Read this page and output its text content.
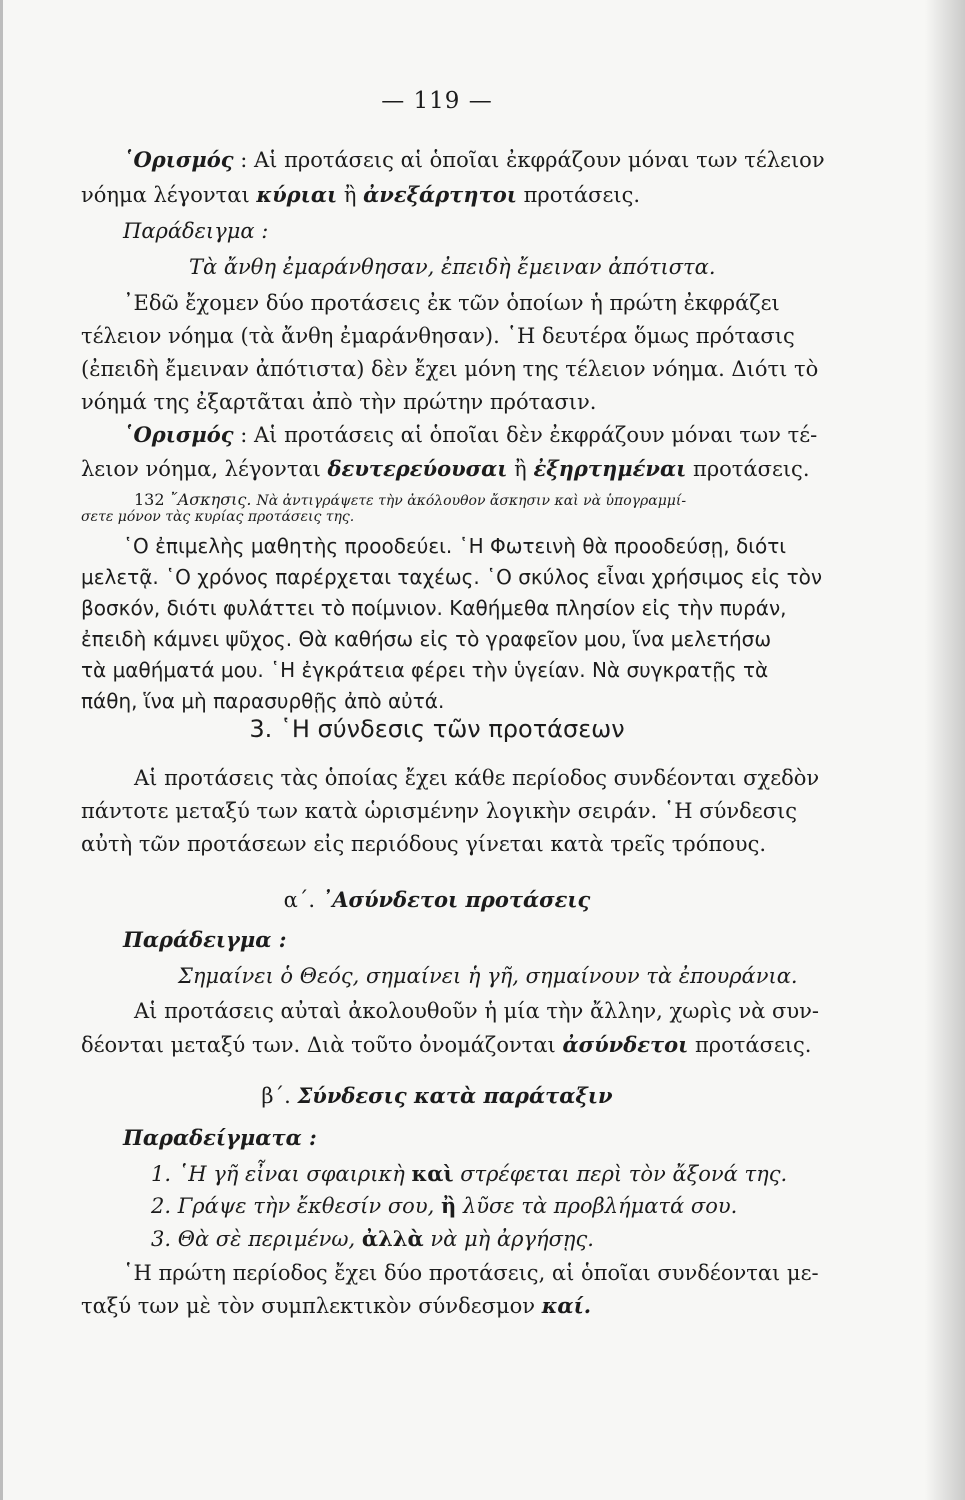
— 119 —
῾Ορισμός : Αἱ προτάσεις αἱ ὁποῖαι ἐκφράζουν μόναι των τέλειον
νόημα λέγονται κύριαι ἢ ἀνεξάρτητοι προτάσεις.
Παράδειγμα :
Τὰ ἄνθη ἐμαράνθησαν, ἐπειδὴ ἔμειναν ἀπότιστα.
᾿Εδῶ ἔχομεν δύο προτάσεις ἐκ τῶν ὁποίων ἡ πρώτη ἐκφράζει
τέλειον νόημα (τὰ ἄνθη ἐμαράνθησαν). ῾Η δευτέρα ὅμως πρότασις
(ἐπειδὴ ἔμειναν ἀπότιστα) δὲν ἔχει μόνη της τέλειον νόημα. Διότι τὸ
νόημά της ἐξαρτᾶται ἀπὸ τὴν πρώτην πρότασιν.
῾Ορισμός : Αἱ προτάσεις αἱ ὁποῖαι δὲν ἐκφράζουν μόναι των τέ-
λειον νόημα, λέγονται δευτερεύουσαι ἢ ἐξηρτημέναι προτάσεις.
132 ῎Ασκησις. Νὰ ἀντιγράψετε τὴν ἀκόλουθον ἄσκησιν καὶ νὰ ὑπογραμμί-
σετε μόνον τὰς κυρίας προτάσεις της.
῾Ο ἐπιμελὴς μαθητὴς προοδεύει. ῾Η Φωτεινὴ θὰ προοδεύσῃ, διότι
μελετᾷ. ῾Ο χρόνος παρέρχεται ταχέως. ῾Ο σκύλος εἶναι χρήσιμος εἰς τὸν
βοσκόν, διότι φυλάττει τὸ ποίμνιον. Καθήμεθα πλησίον εἰς τὴν πυράν,
ἐπειδὴ κάμνει ψῦχος. Θὰ καθήσω εἰς τὸ γραφεῖον μου, ἵνα μελετήσω
τὰ μαθήματά μου. ῾Η ἐγκράτεια φέρει τὴν ὑγείαν. Νὰ συγκρατῇς τὰ
πάθη, ἵνα μὴ παρασυρθῇς ἀπὸ αὐτά.
3. ῾Η σύνδεσις τῶν προτάσεων
Αἱ προτάσεις τὰς ὁποίας ἔχει κάθε περίοδος συνδέονται σχεδὸν
πάντοτε μεταξύ των κατὰ ὡρισμένην λογικὴν σειράν. ῾Η σύνδεσις
αὐτὴ τῶν προτάσεων εἰς περιόδους γίνεται κατὰ τρεῖς τρόπους.
α΄. ᾿Ασύνδετοι προτάσεις
Παράδειγμα :
Σημαίνει ὁ Θεός, σημαίνει ἡ γῆ, σημαίνουν τὰ ἐπουράνια.
Αἱ προτάσεις αὐταὶ ἀκολουθοῦν ἡ μία τὴν ἄλλην, χωρὶς νὰ συν-
δέονται μεταξύ των. Διὰ τοῦτο ὀνομάζονται ἀσύνδετοι προτάσεις.
β΄. Σύνδεσις κατὰ παράταξιν
Παραδείγματα :
1. ῾Η γῆ εἶναι σφαιρικὴ καὶ στρέφεται περὶ τὸν ἄξονά της.
2. Γράψε τὴν ἔκθεσίν σου, ἢ λῦσε τὰ προβλήματά σου.
3. Θὰ σὲ περιμένω, ἀλλὰ νὰ μὴ ἀργήσῃς.
῾Η πρώτη περίοδος ἔχει δύο προτάσεις, αἱ ὁποῖαι συνδέονται με-
ταξύ των μὲ τὸν συμπλεκτικὸν σύνδεσμον καί.
